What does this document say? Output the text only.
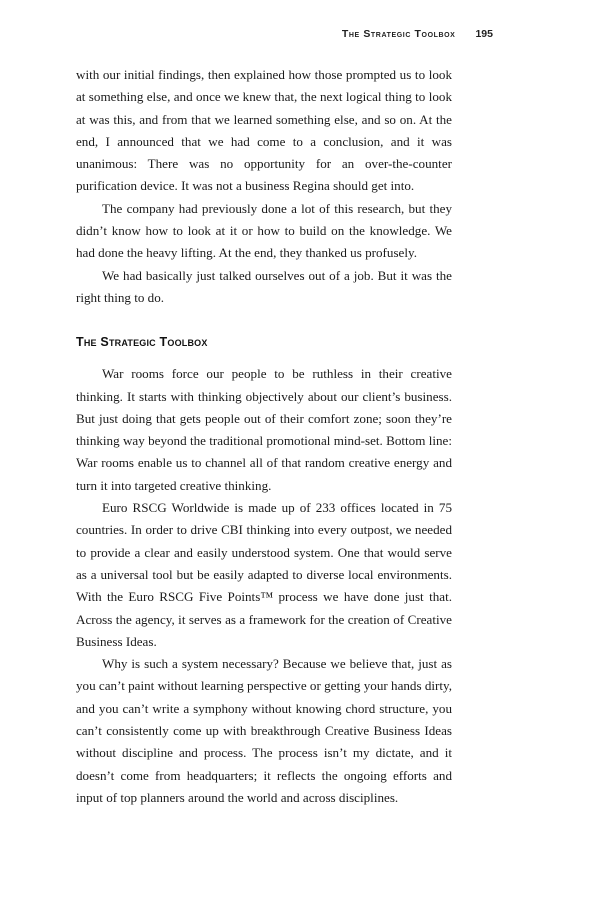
The Strategic Toolbox 195

with our initial findings, then explained how those prompted us to look at something else, and once we knew that, the next logical thing to look at was this, and from that we learned something else, and so on. At the end, I announced that we had come to a conclusion, and it was unanimous: There was no opportunity for an over-the-counter purification device. It was not a business Regina should get into.

The company had previously done a lot of this research, but they didn’t know how to look at it or how to build on the knowledge. We had done the heavy lifting. At the end, they thanked us profusely.

We had basically just talked ourselves out of a job. But it was the right thing to do.

The Strategic Toolbox

War rooms force our people to be ruthless in their creative thinking. It starts with thinking objectively about our client’s business. But just doing that gets people out of their comfort zone; soon they’re thinking way beyond the traditional promotional mind-set. Bottom line: War rooms enable us to channel all of that random creative energy and turn it into targeted creative thinking.

Euro RSCG Worldwide is made up of 233 offices located in 75 countries. In order to drive CBI thinking into every outpost, we needed to provide a clear and easily understood system. One that would serve as a universal tool but be easily adapted to diverse local environments. With the Euro RSCG Five Points™ process we have done just that. Across the agency, it serves as a framework for the creation of Creative Business Ideas.

Why is such a system necessary? Because we believe that, just as you can’t paint without learning perspective or getting your hands dirty, and you can’t write a symphony without knowing chord structure, you can’t consistently come up with breakthrough Creative Business Ideas without discipline and process. The process isn’t my dictate, and it doesn’t come from headquarters; it reflects the ongoing efforts and input of top planners around the world and across disciplines.
